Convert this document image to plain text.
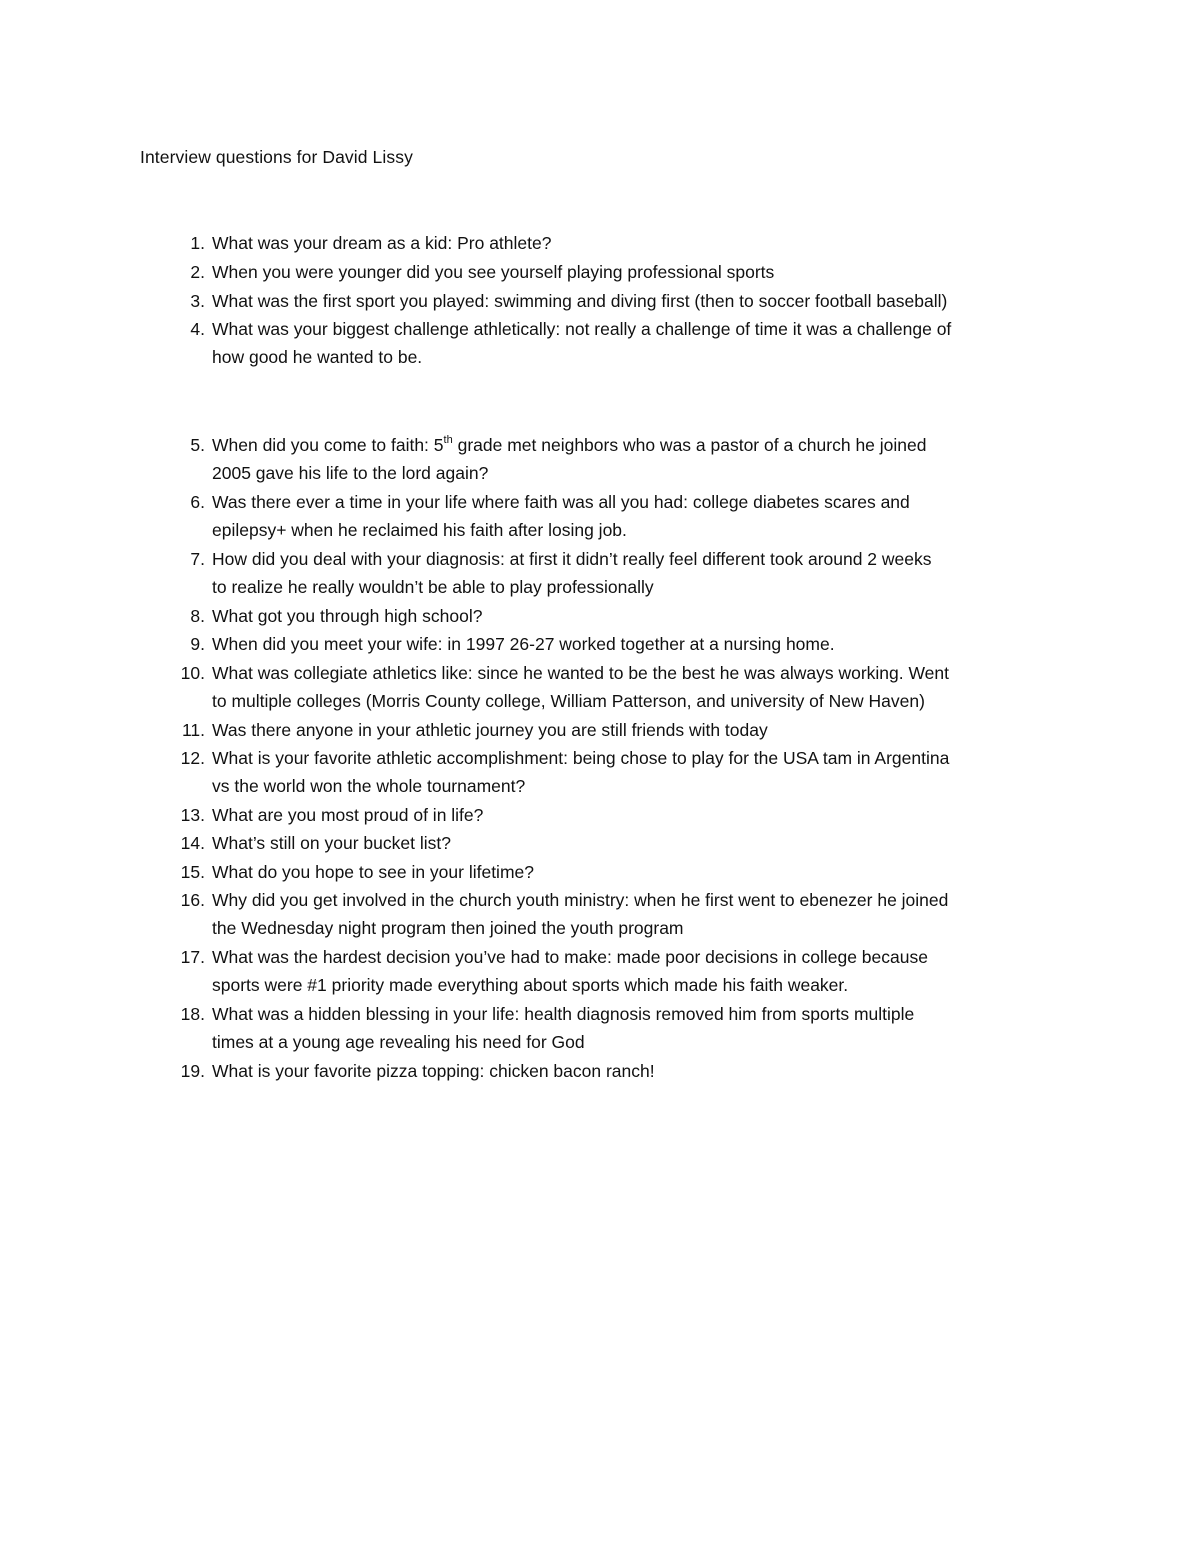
Interview questions for David Lissy
1. What was your dream as a kid: Pro athlete?
2. When you were younger did you see yourself playing professional sports
3. What was the first sport you played: swimming and diving first (then to soccer football baseball)
4. What was your biggest challenge athletically: not really a challenge of time it was a challenge of
how good he wanted to be.
5. When did you come to faith: 5th grade met neighbors who was a pastor of a church he joined
2005 gave his life to the lord again?
6. Was there ever a time in your life where faith was all you had: college diabetes scares and
epilepsy+ when he reclaimed his faith after losing job.
7. How did you deal with your diagnosis: at first it didn’t really feel different took around 2 weeks
to realize he really wouldn’t be able to play professionally
8. What got you through high school?
9. When did you meet your wife: in 1997 26-27 worked together at a nursing home.
10. What was collegiate athletics like: since he wanted to be the best he was always working. Went
to multiple colleges (Morris County college, William Patterson, and university of New Haven)
11. Was there anyone in your athletic journey you are still friends with today
12. What is your favorite athletic accomplishment: being chose to play for the USA tam in Argentina
vs the world won the whole tournament?
13. What are you most proud of in life?
14. What’s still on your bucket list?
15. What do you hope to see in your lifetime?
16. Why did you get involved in the church youth ministry: when he first went to ebenezer he joined
the Wednesday night program then joined the youth program
17. What was the hardest decision you’ve had to make: made poor decisions in college because
sports were #1 priority made everything about sports which made his faith weaker.
18. What was a hidden blessing in your life: health diagnosis removed him from sports multiple
times at a young age revealing his need for God
19. What is your favorite pizza topping: chicken bacon ranch!
